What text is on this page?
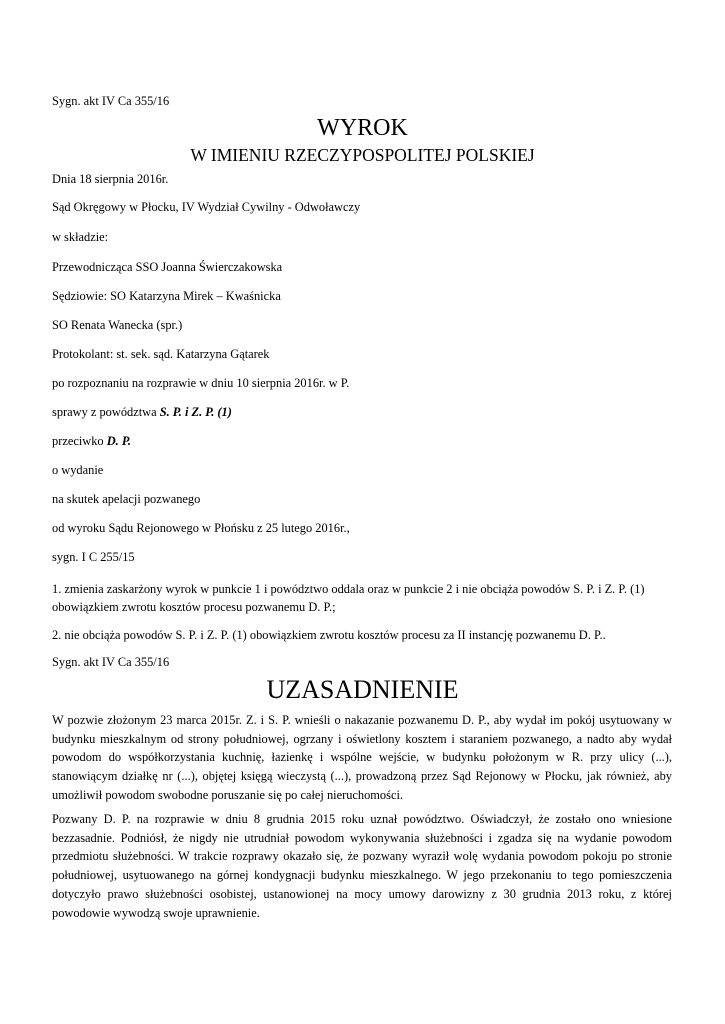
Sygn. akt IV Ca 355/16
WYROK
W IMIENIU RZECZYPOSPOLITEJ POLSKIEJ
Dnia 18 sierpnia 2016r.
Sąd Okręgowy w Płocku, IV Wydział Cywilny - Odwoławczy
w składzie:
Przewodnicząca SSO Joanna Świerczakowska
Sędziowie: SO Katarzyna Mirek – Kwaśnicka
SO Renata Wanecka (spr.)
Protokolant: st. sek. sąd. Katarzyna Gątarek
po rozpoznaniu na rozprawie w dniu 10 sierpnia 2016r. w P.
sprawy z powództwa S. P. i Z. P. (1)
przeciwko D. P.
o wydanie
na skutek apelacji pozwanego
od wyroku Sądu Rejonowego w Płońsku z 25 lutego 2016r.,
sygn. I C 255/15

1. zmienia zaskarżony wyrok w punkcie 1 i powództwo oddala oraz w punkcie 2 i nie obciąża powodów S. P. i Z. P. (1) obowiązkiem zwrotu kosztów procesu pozwanemu D. P.;

2. nie obciąża powodów S. P. i Z. P. (1) obowiązkiem zwrotu kosztów procesu za II instancję pozwanemu D. P..

Sygn. akt IV Ca 355/16
UZASADNIENIE

W pozwie złożonym 23 marca 2015r. Z. i S. P. wnieśli o nakazanie pozwanemu D. P., aby wydał im pokój usytuowany w budynku mieszkalnym od strony południowej, ogrzany i oświetlony kosztem i staraniem pozwanego, a nadto aby wydał powodom do współkorzystania kuchnię, łazienkę i wspólne wejście, w budynku położonym w R. przy ulicy (...), stanowiącym działkę nr (...), objętej księgą wieczystą (...), prowadzoną przez Sąd Rejonowy w Płocku, jak również, aby umożliwił powodom swobodne poruszanie się po całej nieruchomości.

Pozwany D. P. na rozprawie w dniu 8 grudnia 2015 roku uznał powództwo. Oświadczył, że zostało ono wniesione bezzasadnie. Podniósł, że nigdy nie utrudniał powodom wykonywania służebności i zgadza się na wydanie powodom przedmiotu służebności. W trakcie rozprawy okazało się, że pozwany wyraził wolę wydania powodom pokoju po stronie południowej, usytuowanego na górnej kondygnacji budynku mieszkalnego. W jego przekonaniu to tego pomieszczenia dotyczyło prawo służebności osobistej, ustanowionej na mocy umowy darowizny z 30 grudnia 2013 roku, z której powodowie wywodzą swoje uprawnienie.
